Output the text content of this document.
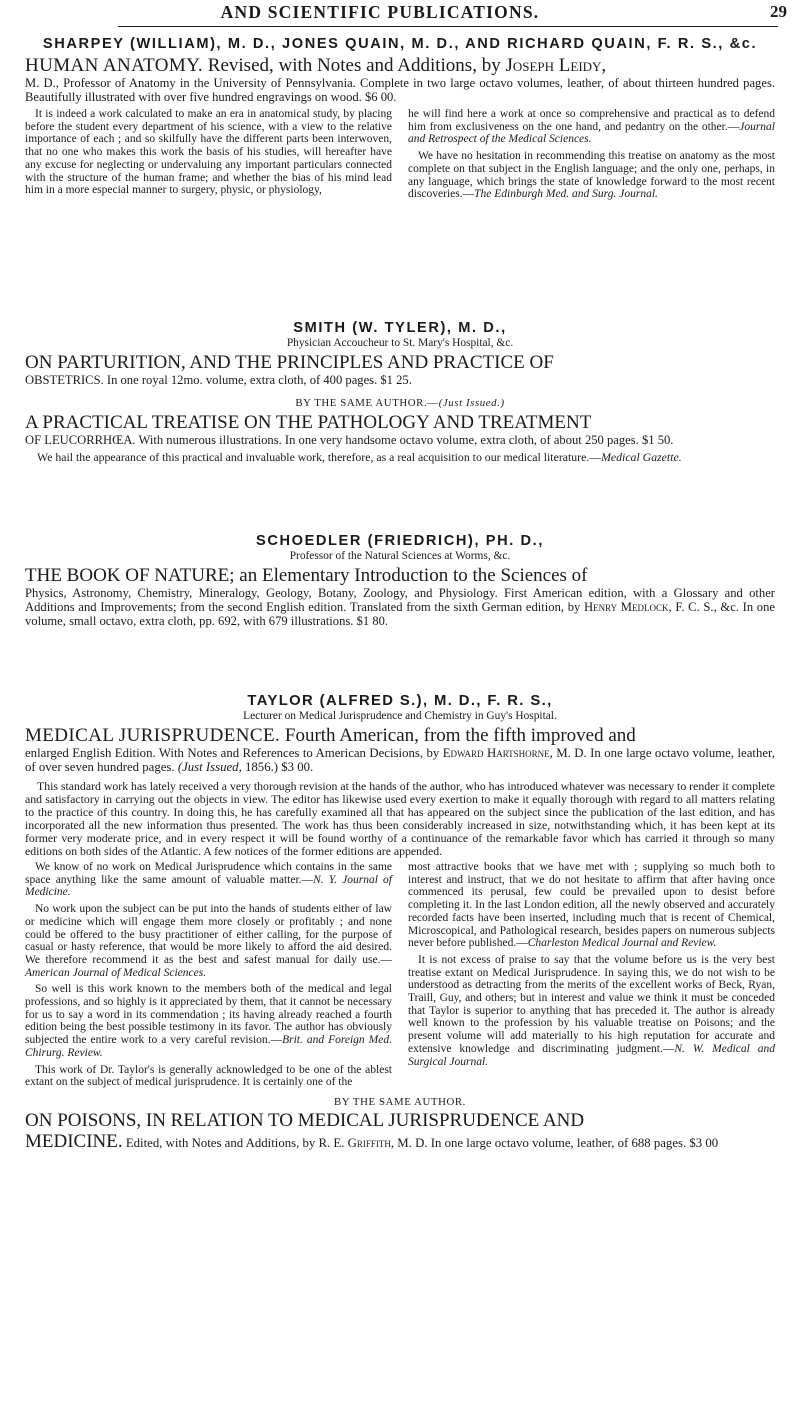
AND SCIENTIFIC PUBLICATIONS.	29
SHARPEY (WILLIAM), M. D., JONES QUAIN, M. D., AND RICHARD QUAIN, F. R. S., &c.
HUMAN ANATOMY. Revised, with Notes and Additions, by Joseph Leidy,
M. D., Professor of Anatomy in the University of Pennsylvania. Complete in two large octavo volumes, leather, of about thirteen hundred pages. Beautifully illustrated with over five hundred engravings on wood. $6 00.

It is indeed a work calculated to make an era in anatomical study, by placing before the student every department of his science, with a view to the relative importance of each ; and so skilfully have the different parts been interwoven, that no one who makes this work the basis of his studies, will hereafter have any excuse for neglecting or undervaluing any important particulars connected with the structure of the human frame; and whether the bias of his mind lead him in a more especial manner to surgery, physic, or physiology,

he will find here a work at once so comprehensive and practical as to defend him from exclusiveness on the one hand, and pedantry on the other.—Journal and Retrospect of the Medical Sciences.

We have no hesitation in recommending this treatise on anatomy as the most complete on that subject in the English language; and the only one, perhaps, in any language, which brings the state of knowledge forward to the most recent discoveries.—The Edinburgh Med. and Surg. Journal.

SMITH (W. TYLER), M. D.,
Physician Accoucheur to St. Mary's Hospital, &c.
ON PARTURITION, AND THE PRINCIPLES AND PRACTICE OF
OBSTETRICS. In one royal 12mo. volume, extra cloth, of 400 pages. $1 25.
BY THE SAME AUTHOR.—(Just Issued.)
A PRACTICAL TREATISE ON THE PATHOLOGY AND TREATMENT
OF LEUCORRHŒA. With numerous illustrations. In one very handsome octavo volume, extra cloth, of about 250 pages. $1 50.

We hail the appearance of this practical and invaluable work, therefore, as a real acquisition to our medical literature.—Medical Gazette.

SCHOEDLER (FRIEDRICH), PH. D.,
Professor of the Natural Sciences at Worms, &c.
THE BOOK OF NATURE; an Elementary Introduction to the Sciences of
Physics, Astronomy, Chemistry, Mineralogy, Geology, Botany, Zoology, and Physiology. First American edition, with a Glossary and other Additions and Improvements; from the second English edition. Translated from the sixth German edition, by Henry Medlock, F. C. S., &c. In one volume, small octavo, extra cloth, pp. 692, with 679 illustrations. $1 80.
TAYLOR (ALFRED S.), M. D., F. R. S.,
Lecturer on Medical Jurisprudence and Chemistry in Guy's Hospital.
MEDICAL JURISPRUDENCE. Fourth American, from the fifth improved and
enlarged English Edition. With Notes and References to American Decisions, by Edward Hartshorne, M. D. In one large octavo volume, leather, of over seven hundred pages. (Just Issued, 1856.) $3 00.

This standard work has lately received a very thorough revision at the hands of the author, who has introduced whatever was necessary to render it complete and satisfactory in carrying out the objects in view. The editor has likewise used every exertion to make it equally thorough with regard to all matters relating to the practice of this country. In doing this, he has carefully examined all that has appeared on the subject since the publication of the last edition, and has incorporated all the new information thus presented. The work has thus been considerably increased in size, notwithstanding which, it has been kept at its former very moderate price, and in every respect it will be found worthy of a continuance of the remarkable favor which has carried it through so many editions on both sides of the Atlantic. A few notices of the former editions are appended.

We know of no work on Medical Jurisprudence which contains in the same space anything like the same amount of valuable matter.—N. Y. Journal of Medicine.

No work upon the subject can be put into the hands of students either of law or medicine which will engage them more closely or profitably ; and none could be offered to the busy practitioner of either calling, for the purpose of casual or hasty reference, that would be more likely to afford the aid desired. We therefore recommend it as the best and safest manual for daily use.—American Journal of Medical Sciences.

So well is this work known to the members both of the medical and legal professions, and so highly is it appreciated by them, that it cannot be necessary for us to say a word in its commendation ; its having already reached a fourth edition being the best possible testimony in its favor. The author has obviously subjected the entire work to a very careful revision.—Brit. and Foreign Med. Chirurg. Review.

This work of Dr. Taylor's is generally acknowledged to be one of the ablest extant on the subject of medical jurisprudence. It is certainly one of the

most attractive books that we have met with ; supplying so much both to interest and instruct, that we do not hesitate to affirm that after having once commenced its perusal, few could be prevailed upon to desist before completing it. In the last London edition, all the newly observed and accurately recorded facts have been inserted, including much that is recent of Chemical, Microscopical, and Pathological research, besides papers on numerous subjects never before published.—Charleston Medical Journal and Review.

It is not excess of praise to say that the volume before us is the very best treatise extant on Medical Jurisprudence. In saying this, we do not wish to be understood as detracting from the merits of the excellent works of Beck, Ryan, Traill, Guy, and others; but in interest and value we think it must be conceded that Taylor is superior to anything that has preceded it. The author is already well known to the profession by his valuable treatise on Poisons; and the present volume will add materially to his high reputation for accurate and extensive knowledge and discriminating judgment.—N. W. Medical and Surgical Journal.

BY THE SAME AUTHOR.
ON POISONS, IN RELATION TO MEDICAL JURISPRUDENCE AND
MEDICINE. Edited, with Notes and Additions, by R. E. Griffith, M. D. In one large octavo volume, leather, of 688 pages. $3 00
